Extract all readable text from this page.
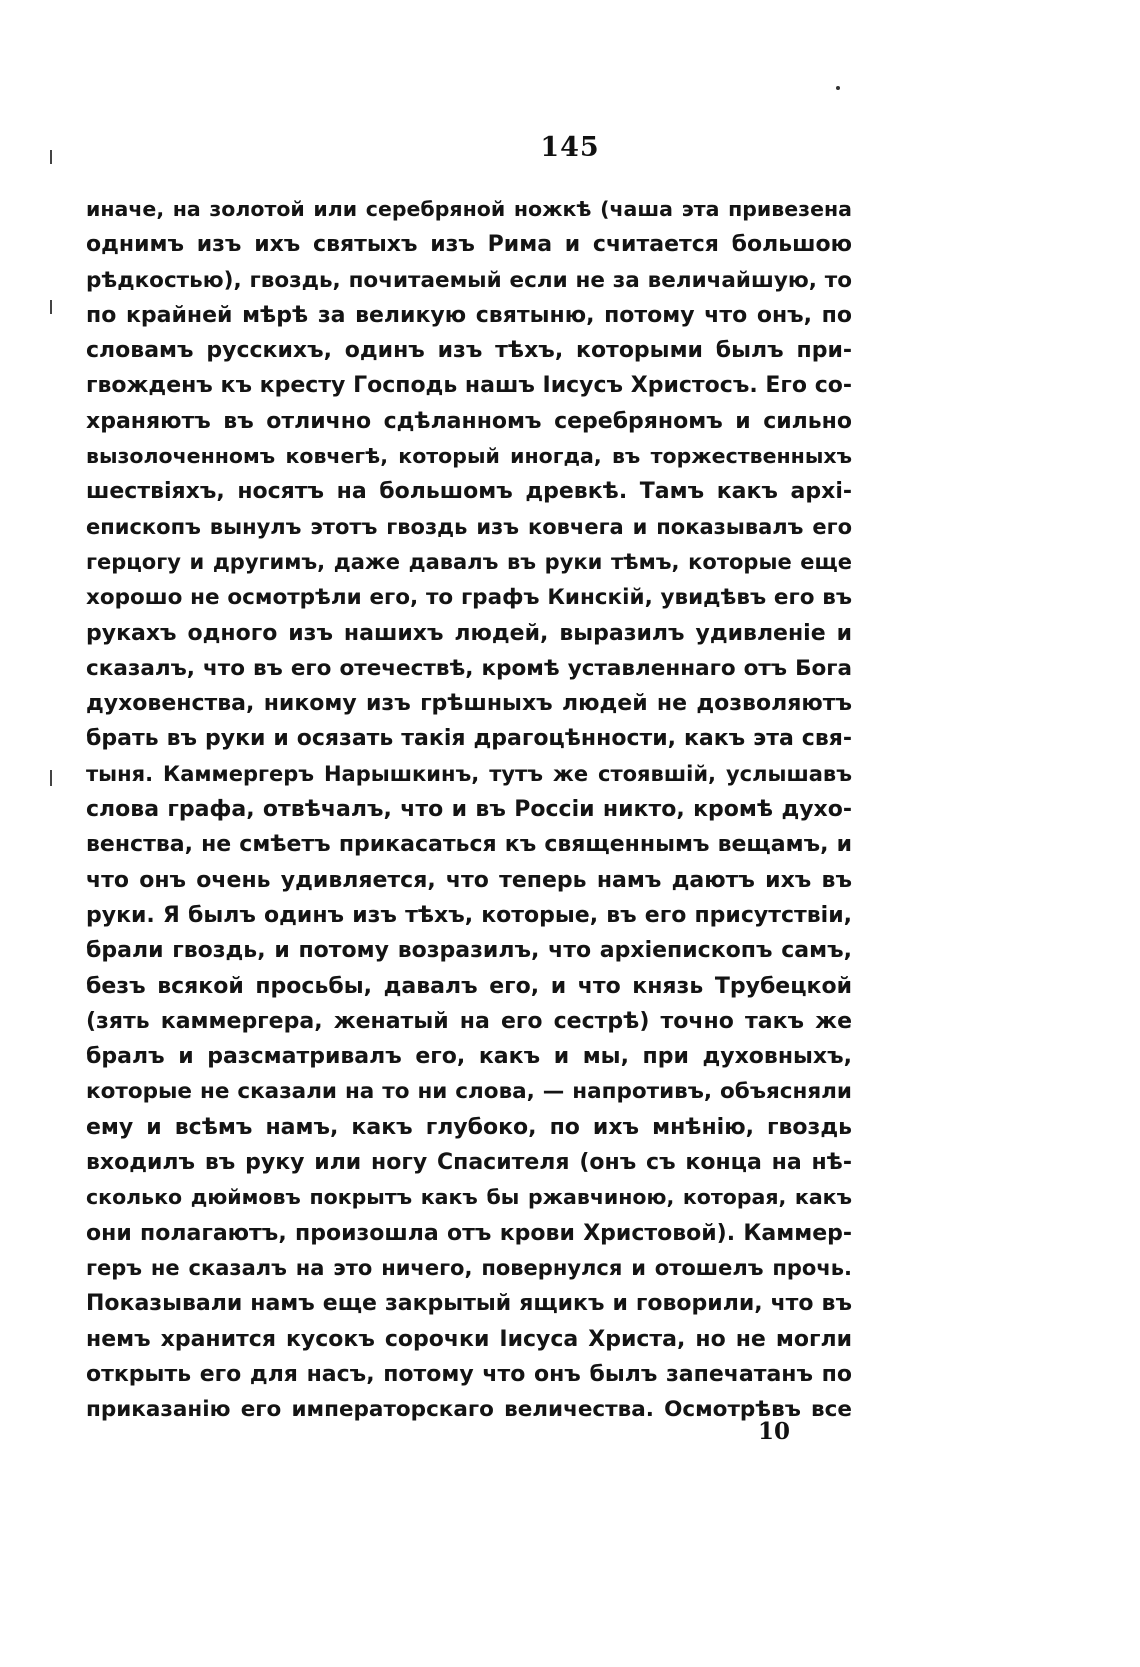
145
иначе, на золотой или серебряной ножкѣ (чаша эта привезена
однимъ изъ ихъ святыхъ изъ Рима и считается большою
рѣдкостью), гвоздь, почитаемый если не за величайшую, то
по крайней мѣрѣ за великую святыню, потому что онъ, по
словамъ русскихъ, одинъ изъ тѣхъ, которыми былъ при-
гвожденъ къ кресту Господь нашъ Іисусъ Христосъ. Его со-
храняютъ въ отлично сдѣланномъ серебряномъ и сильно
вызолоченномъ ковчегѣ, который иногда, въ торжественныхъ
шествіяхъ, носятъ на большомъ древкѣ. Тамъ какъ архі-
епископъ вынулъ этотъ гвоздь изъ ковчега и показывалъ его
герцогу и другимъ, даже давалъ въ руки тѣмъ, которые еще
хорошо не осмотрѣли его, то графъ Кинскій, увидѣвъ его въ
рукахъ одного изъ нашихъ людей, выразилъ удивленіе и
сказалъ, что въ его отечествѣ, кромѣ уставленнаго отъ Бога
духовенства, никому изъ грѣшныхъ людей не дозволяютъ
брать въ руки и осязать такія драгоцѣнности, какъ эта свя-
тыня. Каммергеръ Нарышкинъ, тутъ же стоявшій, услышавъ
слова графа, отвѣчалъ, что и въ Россіи никто, кромѣ духо-
венства, не смѣетъ прикасаться къ священнымъ вещамъ, и
что онъ очень удивляется, что теперь намъ даютъ ихъ въ
руки. Я былъ одинъ изъ тѣхъ, которые, въ его присутствіи,
брали гвоздь, и потому возразилъ, что архіепископъ самъ,
безъ всякой просьбы, давалъ его, и что князь Трубецкой
(зять каммергера, женатый на его сестрѣ) точно такъ же
бралъ и разсматривалъ его, какъ и мы, при духовныхъ,
которые не сказали на то ни слова, — напротивъ, объясняли
ему и всѣмъ намъ, какъ глубоко, по ихъ мнѣнію, гвоздь
входилъ въ руку или ногу Спасителя (онъ съ конца на нѣ-
сколько дюймовъ покрытъ какъ бы ржавчиною, которая, какъ
они полагаютъ, произошла отъ крови Христовой). Каммер-
геръ не сказалъ на это ничего, повернулся и отошелъ прочь.
Показывали намъ еще закрытый ящикъ и говорили, что въ
немъ хранится кусокъ сорочки Іисуса Христа, но не могли
открыть его для насъ, потому что онъ былъ запечатанъ по
приказанію его императорскаго величества. Осмотрѣвъ все
10
